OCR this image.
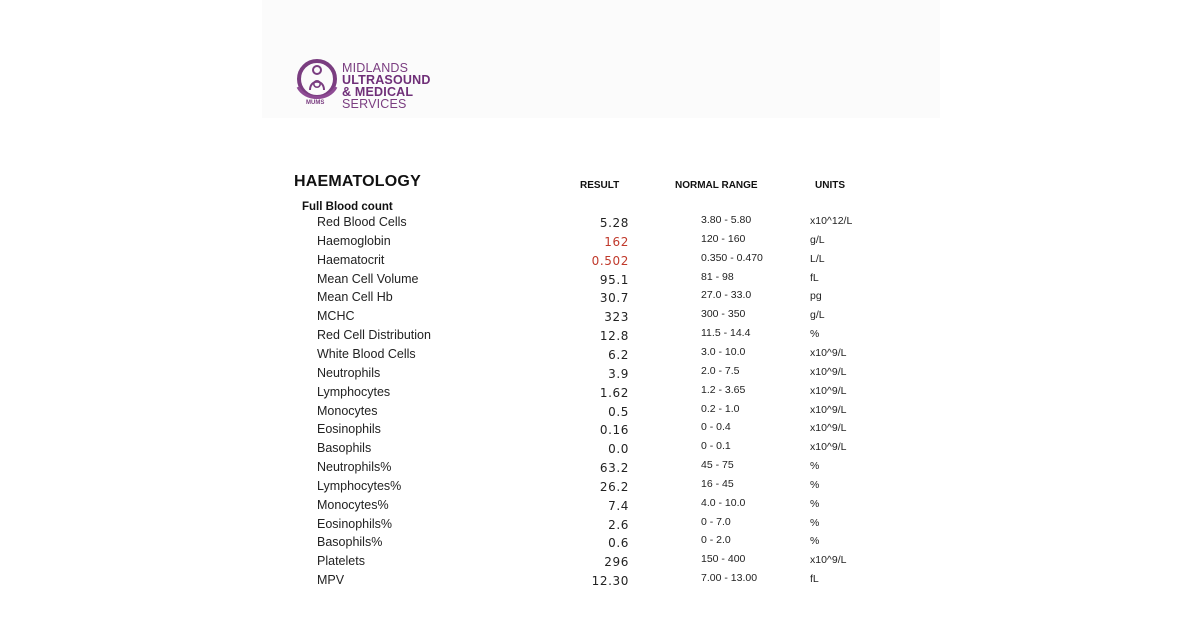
MUMS
MIDLANDS
ULTRASOUND
& MEDICAL
SERVICES
HAEMATOLOGY	RESULT	NORMAL RANGE	UNITS
Full Blood count
Red Blood Cells	5.28	3.80 - 5.80	x10^12/L
Haemoglobin	162	120 - 160	g/L
Haematocrit	0.502	0.350 - 0.470	L/L
Mean Cell Volume	95.1	81 - 98	fL
Mean Cell Hb	30.7	27.0 - 33.0	pg
MCHC	323	300 - 350	g/L
Red Cell Distribution	12.8	11.5 - 14.4	%
White Blood Cells	6.2	3.0 - 10.0	x10^9/L
Neutrophils	3.9	2.0 - 7.5	x10^9/L
Lymphocytes	1.62	1.2 - 3.65	x10^9/L
Monocytes	0.5	0.2 - 1.0	x10^9/L
Eosinophils	0.16	0 - 0.4	x10^9/L
Basophils	0.0	0 - 0.1	x10^9/L
Neutrophils%	63.2	45 - 75	%
Lymphocytes%	26.2	16 - 45	%
Monocytes%	7.4	4.0 - 10.0	%
Eosinophils%	2.6	0 - 7.0	%
Basophils%	0.6	0 - 2.0	%
Platelets	296	150 - 400	x10^9/L
MPV	12.30	7.00 - 13.00	fL
